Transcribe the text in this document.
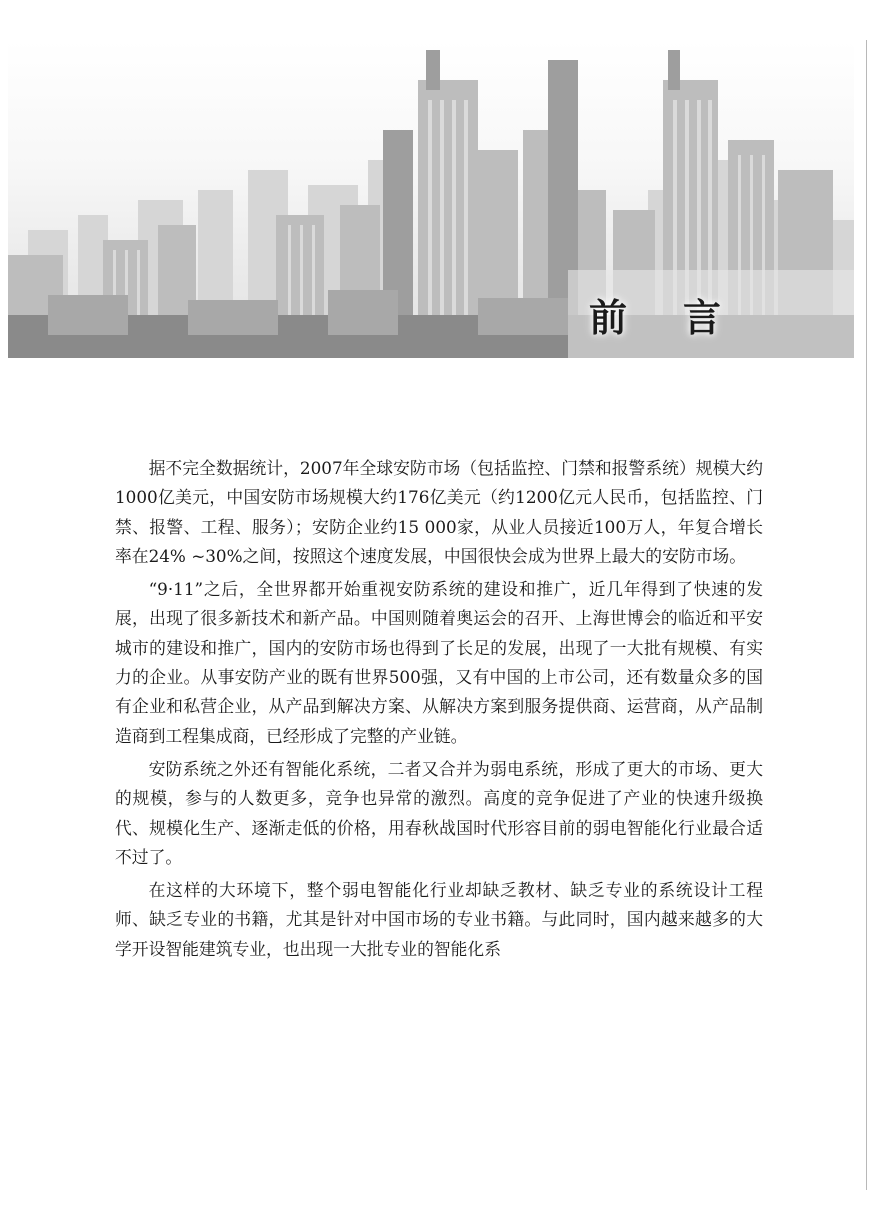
前 言

据不完全数据统计，2007年全球安防市场（包括监控、门禁和报警系统）规模大约1000亿美元，中国安防市场规模大约176亿美元（约1200亿元人民币，包括监控、门禁、报警、工程、服务）；安防企业约15 000家，从业人员接近100万人，年复合增长率在24% ~30%之间，按照这个速度发展，中国很快会成为世界上最大的安防市场。

“9·11”之后，全世界都开始重视安防系统的建设和推广，近几年得到了快速的发展，出现了很多新技术和新产品。中国则随着奥运会的召开、上海世博会的临近和平安城市的建设和推广，国内的安防市场也得到了长足的发展，出现了一大批有规模、有实力的企业。从事安防产业的既有世界500强，又有中国的上市公司，还有数量众多的国有企业和私营企业，从产品到解决方案、从解决方案到服务提供商、运营商，从产品制造商到工程集成商，已经形成了完整的产业链。

安防系统之外还有智能化系统，二者又合并为弱电系统，形成了更大的市场、更大的规模，参与的人数更多，竞争也异常的激烈。高度的竞争促进了产业的快速升级换代、规模化生产、逐渐走低的价格，用春秋战国时代形容目前的弱电智能化行业最合适不过了。

在这样的大环境下，整个弱电智能化行业却缺乏教材、缺乏专业的系统设计工程师、缺乏专业的书籍，尤其是针对中国市场的专业书籍。与此同时，国内越来越多的大学开设智能建筑专业，也出现一大批专业的智能化系
